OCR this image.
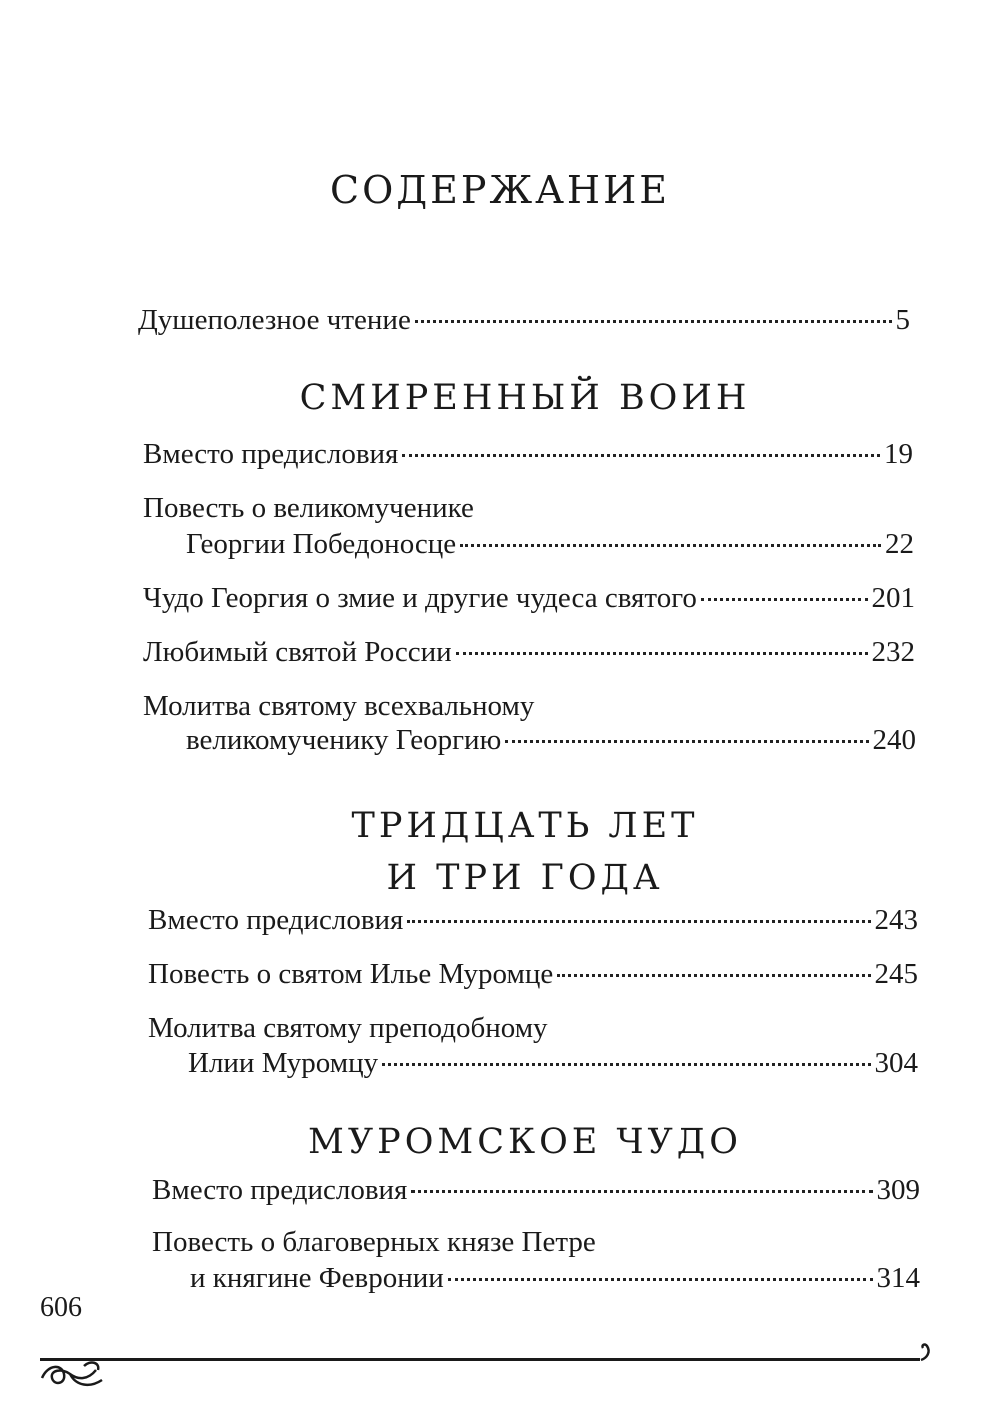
СОДЕРЖАНИЕ
Душеполезное чтение	5
СМИРЕННЫЙ ВОИН
Вместо предисловия	19
Повесть о великомученике
Георгии Победоносце	22
Чудо Георгия о змие и другие чудеса святого	201
Любимый святой России	232
Молитва святому всехвальному
великомученику Георгию	240
ТРИДЦАТЬ ЛЕТ
И ТРИ ГОДА
Вместо предисловия	243
Повесть о святом Илье Муромце	245
Молитва святому преподобному
Илии Муромцу	304
МУРОМСКОЕ ЧУДО
Вместо предисловия	309
Повесть о благоверных князе Петре
и княгине Февронии	314
606
